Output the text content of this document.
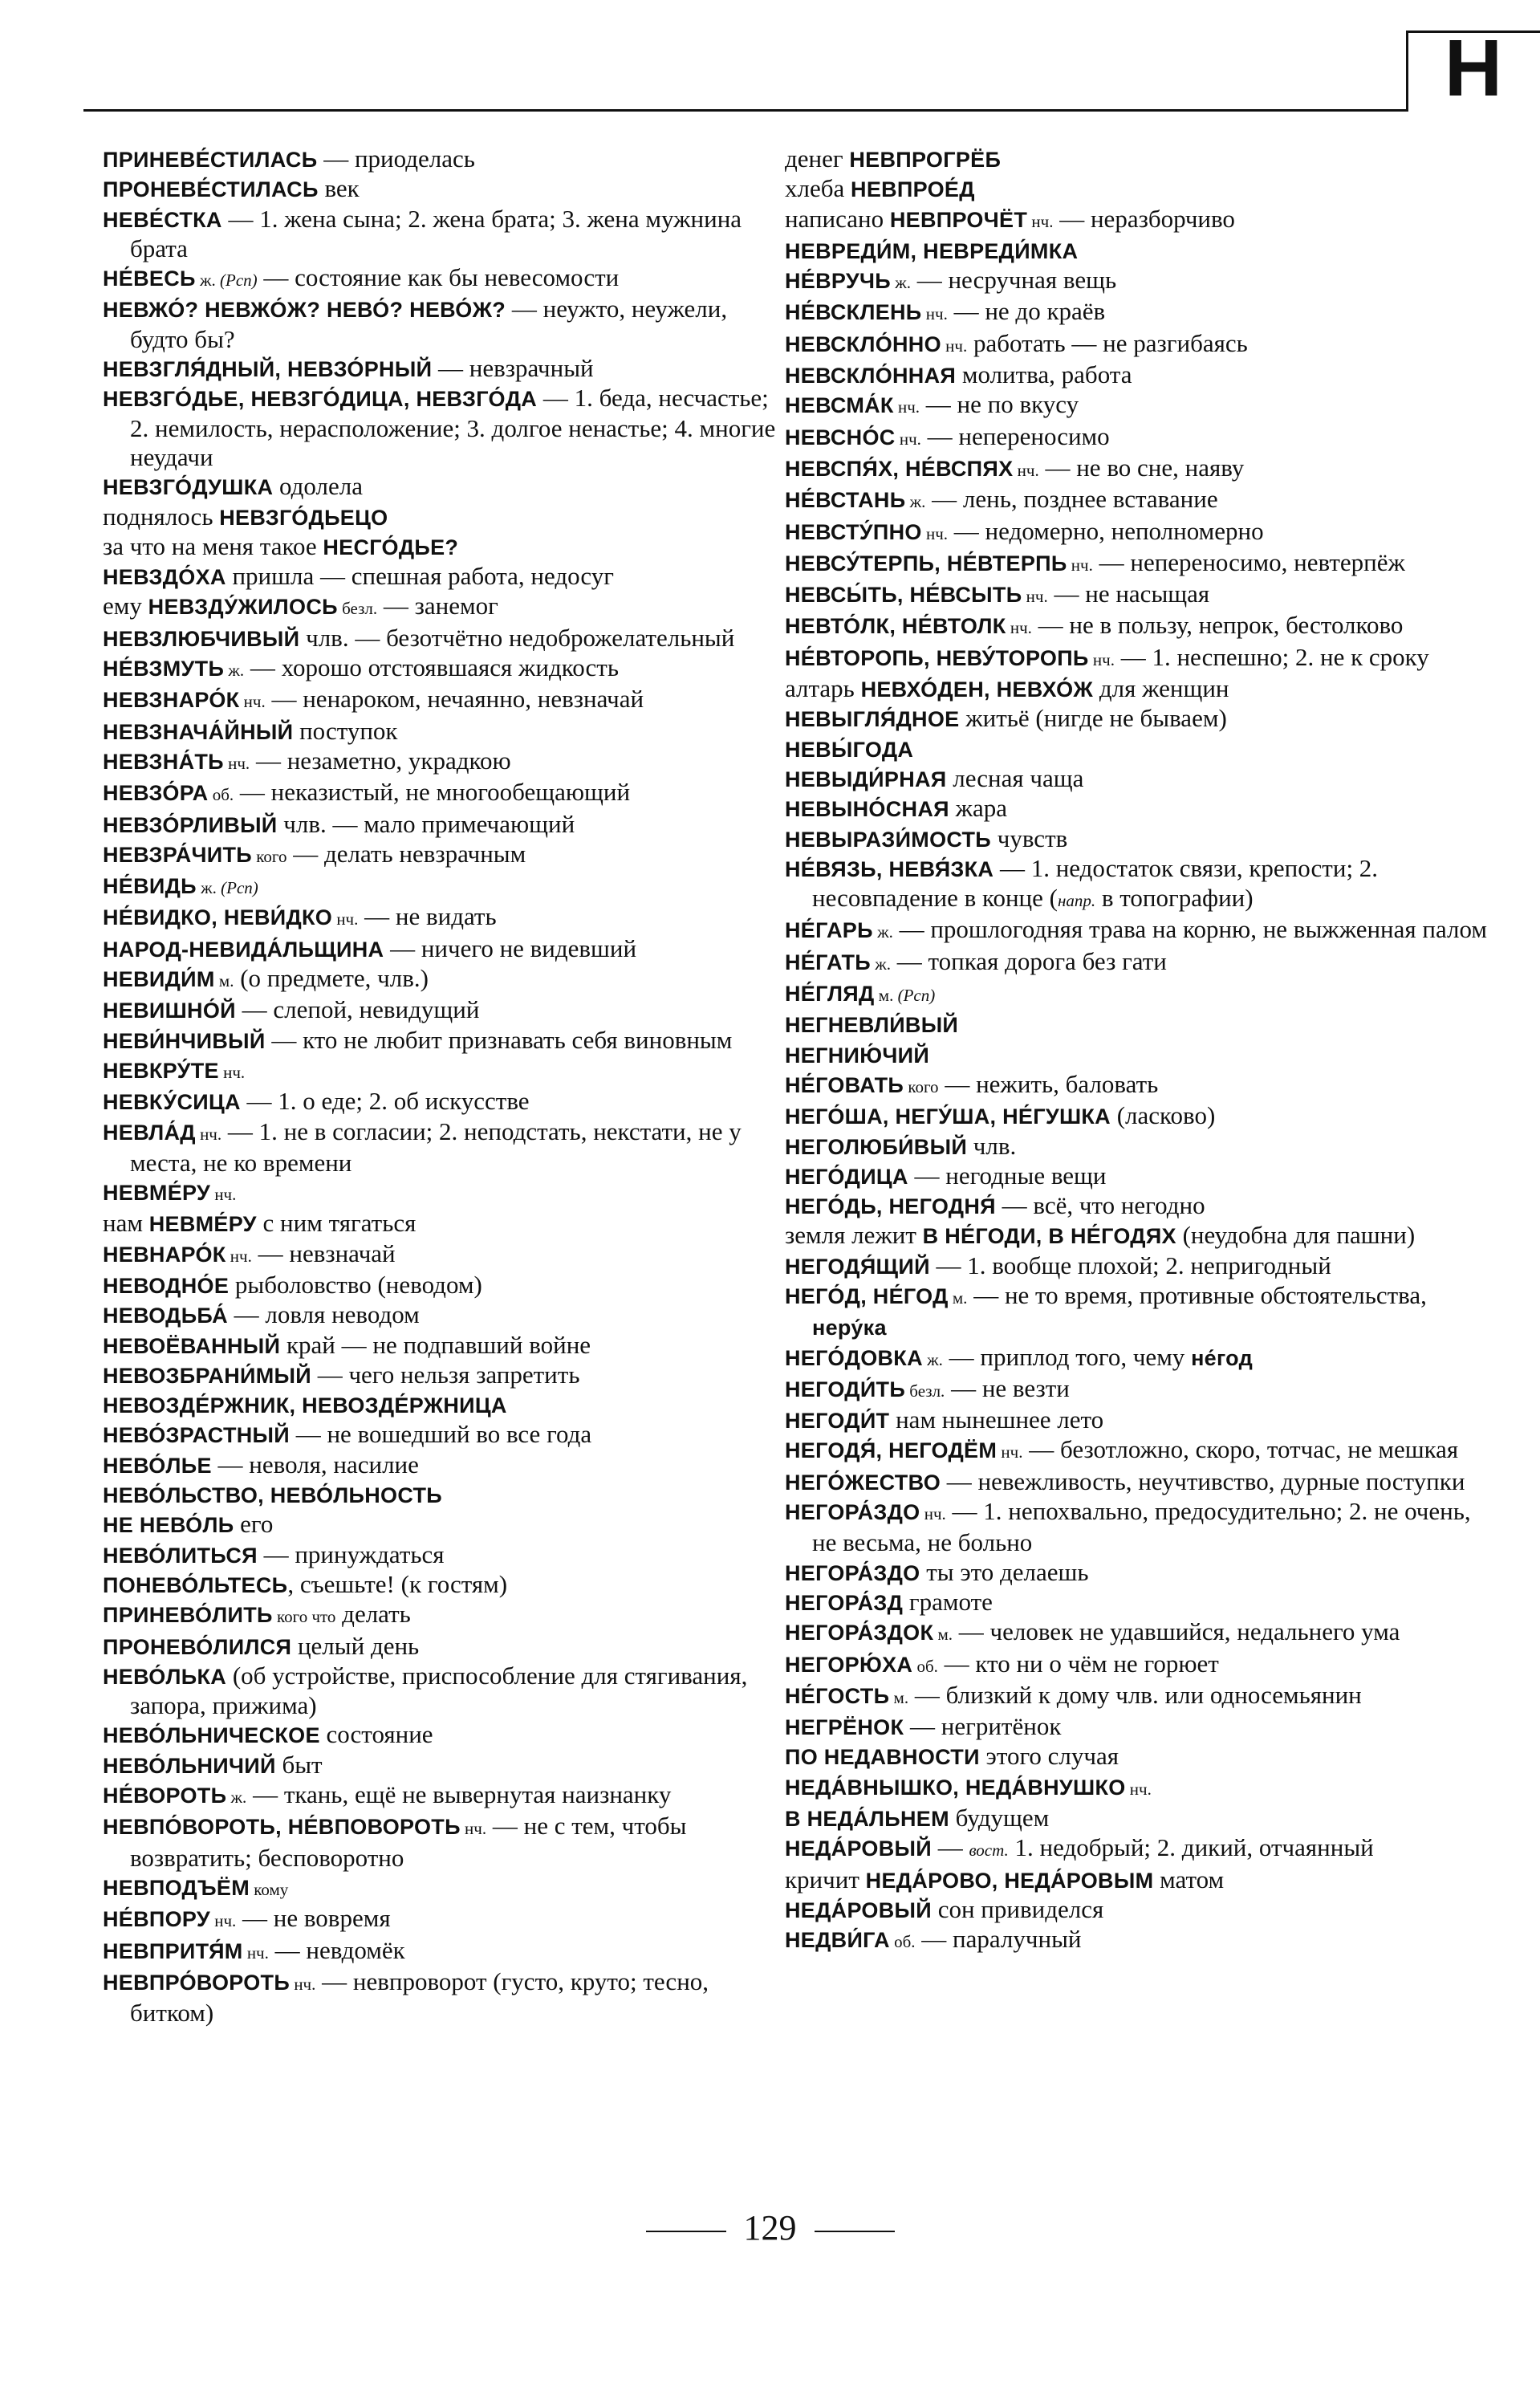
Н
ПРИНЕВЕ́СТИЛАСЬ — приоделась
ПРОНЕВЕ́СТИЛАСЬ век
НЕВЕ́СТКА — 1. жена сына; 2. жена брата; 3. жена мужнина брата
НЕ́ВЕСЬ ж. (Рсп) — состояние как бы невесомости
НЕВЖО́? НЕВЖО́Ж? НЕВО́? НЕВО́Ж? — неужто, неужели, будто бы?
НЕВЗГЛЯ́ДНЫЙ, НЕВЗО́РНЫЙ — невзрачный
НЕВЗГО́ДЬЕ, НЕВЗГО́ДИЦА, НЕВЗГО́ДА — 1. беда, несчастье; 2. немилость, нерасположение; 3. долгое ненастье; 4. многие неудачи
НЕВЗГО́ДУШКА одолела
поднялось НЕВЗГО́ДЬЕЦО
за что на меня такое НЕСГО́ДЬЕ?
НЕВЗДО́ХА пришла — спешная работа, недосуг
ему НЕВЗДУ́ЖИЛОСЬ безл. — занемог
НЕВЗЛЮБЧИВЫЙ члв. — безотчётно недоброжелательный
НЕ́ВЗМУТЬ ж. — хорошо отстоявшаяся жидкость
НЕВЗНАРО́К нч. — ненароком, нечаянно, невзначай
НЕВЗНАЧА́ЙНЫЙ поступок
НЕВЗНА́ТЬ нч. — незаметно, украдкою
НЕВЗО́РА об. — неказистый, не многообещающий
НЕВЗО́РЛИВЫЙ члв. — мало примечающий
НЕВЗРА́ЧИТЬ кого — делать невзрачным
НЕ́ВИДЬ ж. (Рсп)
НЕ́ВИДКО, НЕВИ́ДКО нч. — не видать
НАРОД-НЕВИДА́ЛЬЩИНА — ничего не видевший
НЕВИДИ́М м. (о предмете, члв.)
НЕВИШНО́Й — слепой, невидущий
НЕВИ́НЧИВЫЙ — кто не любит признавать себя виновным
НЕВКРУ́ТЕ нч.
НЕВКУ́СИЦА — 1. о еде; 2. об искусстве
НЕВЛА́Д нч. — 1. не в согласии; 2. неподстать, некстати, не у места, не ко времени
НЕВМЕ́РУ нч.
нам НЕВМЕ́РУ с ним тягаться
НЕВНАРО́К нч. — невзначай
НЕВОДНО́Е рыболовство (неводом)
НЕВОДЬБА́ — ловля неводом
НЕВОЁВАННЫЙ край — не подпавший войне
НЕВОЗБРАНИ́МЫЙ — чего нельзя запретить
НЕВОЗДЕ́РЖНИК, НЕВОЗДЕ́РЖНИЦА
НЕВО́ЗРАСТНЫЙ — не вошедший во все года
НЕВО́ЛЬЕ — неволя, насилие
НЕВО́ЛЬСТВО, НЕВО́ЛЬНОСТЬ
НЕ НЕВО́ЛЬ его
НЕВО́ЛИТЬСЯ — принуждаться
ПОНЕВО́ЛЬТЕСЬ, съешьте! (к гостям)
ПРИНЕВО́ЛИТЬ кого что делать
ПРОНЕВО́ЛИЛСЯ целый день
НЕВО́ЛЬКА (об устройстве, приспособление для стягивания, запора, прижима)
НЕВО́ЛЬНИЧЕСКОЕ состояние
НЕВО́ЛЬНИЧИЙ быт
НЕ́ВОРОТЬ ж. — ткань, ещё не вывернутая наизнанку
НЕВПО́ВОРОТЬ, НЕ́ВПОВОРОТЬ нч. — не с тем, чтобы возвратить; бесповоротно
НЕВПОДЪЁМ кому
НЕ́ВПОРУ нч. — не вовремя
НЕВПРИТЯ́М нч. — невдомёк
НЕВПРО́ВОРОТЬ нч. — невпроворот (густо, круто; тесно, битком)
денег НЕВПРОГРЁБ
хлеба НЕВПРОЕ́Д
написано НЕВПРОЧЁТ нч. — неразборчиво
НЕВРЕДИ́М, НЕВРЕДИ́МКА
НЕ́ВРУЧЬ ж. — несручная вещь
НЕ́ВСКЛЕНЬ нч. — не до краёв
НЕВСКЛО́ННО нч. работать — не разгибаясь
НЕВСКЛО́ННАЯ молитва, работа
НЕВСМА́К нч. — не по вкусу
НЕВСНО́С нч. — непереносимо
НЕВСПЯ́Х, НЕ́ВСПЯХ нч. — не во сне, наяву
НЕ́ВСТАНЬ ж. — лень, позднее вставание
НЕВСТУ́ПНО нч. — недомерно, неполномерно
НЕВСУ́ТЕРПЬ, НЕ́ВТЕРПЬ нч. — непереносимо, невтерпёж
НЕВСЫ́ТЬ, НЕ́ВСЫТЬ нч. — не насыщая
НЕВТО́ЛК, НЕ́ВТОЛК нч. — не в пользу, непрок, бестолково
НЕ́ВТОРОПЬ, НЕВУ́ТОРОПЬ нч. — 1. неспешно; 2. не к сроку
алтарь НЕВХО́ДЕН, НЕВХО́Ж для женщин
НЕВЫГЛЯ́ДНОЕ житьё (нигде не бываем)
НЕВЫ́ГОДА
НЕВЫДИ́РНАЯ лесная чаща
НЕВЫНО́СНАЯ жара
НЕВЫРАЗИ́МОСТЬ чувств
НЕ́ВЯЗЬ, НЕВЯ́ЗКА — 1. недостаток связи, крепости; 2. несовпадение в конце (напр. в топографии)
НЕ́ГАРЬ ж. — прошлогодняя трава на корню, не выжженная палом
НЕ́ГАТЬ ж. — топкая дорога без гати
НЕ́ГЛЯД м. (Рсп)
НЕГНЕВЛИ́ВЫЙ
НЕГНИЮ́ЧИЙ
НЕ́ГОВАТЬ кого — нежить, баловать
НЕГО́ША, НЕГУ́ША, НЕ́ГУШКА (ласково)
НЕГОЛЮБИ́ВЫЙ члв.
НЕГО́ДИЦА — негодные вещи
НЕГО́ДЬ, НЕГОДНЯ́ — всё, что негодно
земля лежит В НЕ́ГОДИ, В НЕ́ГОДЯХ (неудобна для пашни)
НЕГОДЯ́ЩИЙ — 1. вообще плохой; 2. непригодный
НЕГО́Д, НЕ́ГОД м. — не то время, противные обстоятельства, неру́ка
НЕГО́ДОВКА ж. — приплод того, чему не́год
НЕГОДИ́ТЬ безл. — не везти
НЕГОДИ́Т нам нынешнее лето
НЕГОДЯ́, НЕГОДЁМ нч. — безотложно, скоро, тотчас, не мешкая
НЕГО́ЖЕСТВО — невежливость, неучтивство, дурные поступки
НЕГОРА́ЗДО нч. — 1. непохвально, предосудительно; 2. не очень, не весьма, не больно
НЕГОРА́ЗДО ты это делаешь
НЕГОРА́ЗД грамоте
НЕГОРА́ЗДОК м. — человек не удавшийся, недальнего ума
НЕГОРЮ́ХА об. — кто ни о чём не горюет
НЕ́ГОСТЬ м. — близкий к дому члв. или односемьянин
НЕГРЁНОК — негритёнок
ПО НЕДАВНОСТИ этого случая
НЕДА́ВНЫШКО, НЕДА́ВНУШКО нч.
В НЕДА́ЛЬНЕМ будущем
НЕДА́РОВЫЙ — вост. 1. недобрый; 2. дикий, отчаянный
кричит НЕДА́РОВО, НЕДА́РОВЫМ матом
НЕДА́РОВЫЙ сон привиделся
НЕДВИ́ГА об. — паралучный
129
